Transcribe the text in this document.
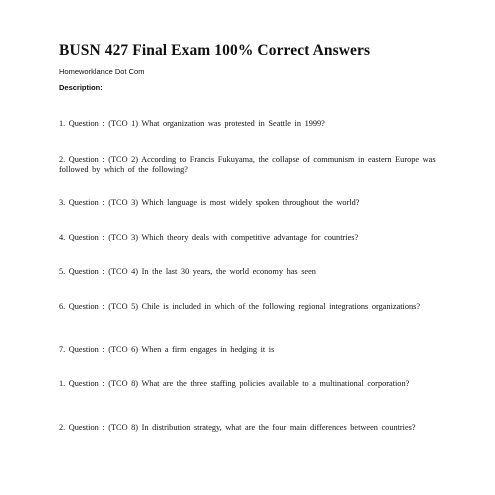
BUSN 427 Final Exam 100% Correct Answers
Homeworklance Dot Com
Description:
1. Question : (TCO 1) What organization was protested in Seattle in 1999?
2. Question : (TCO 2) According to Francis Fukuyama, the collapse of communism in eastern Europe was followed by which of the following?
3. Question : (TCO 3) Which language is most widely spoken throughout the world?
4. Question : (TCO 3) Which theory deals with competitive advantage for countries?
5. Question : (TCO 4) In the last 30 years, the world economy has seen
6. Question : (TCO 5) Chile is included in which of the following regional integrations organizations?
7. Question : (TCO 6) When a firm engages in hedging it is
1. Question : (TCO 8) What are the three staffing policies available to a multinational corporation?
2. Question : (TCO 8) In distribution strategy, what are the four main differences between countries?
